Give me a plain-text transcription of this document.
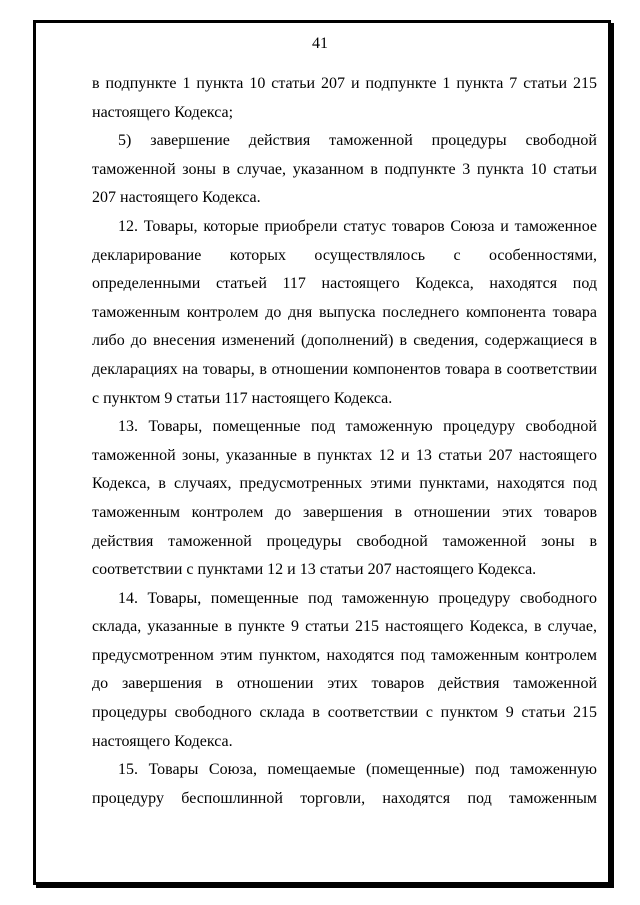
41

в подпункте 1 пункта 10 статьи 207 и подпункте 1 пункта 7 статьи 215 настоящего Кодекса;

5) завершение действия таможенной процедуры свободной таможенной зоны в случае, указанном в подпункте 3 пункта 10 статьи 207 настоящего Кодекса.

12. Товары, которые приобрели статус товаров Союза и таможенное декларирование которых осуществлялось с особенностями, определенными статьей 117 настоящего Кодекса, находятся под таможенным контролем до дня выпуска последнего компонента товара либо до внесения изменений (дополнений) в сведения, содержащиеся в декларациях на товары, в отношении компонентов товара в соответствии с пунктом 9 статьи 117 настоящего Кодекса.

13. Товары, помещенные под таможенную процедуру свободной таможенной зоны, указанные в пунктах 12 и 13 статьи 207 настоящего Кодекса, в случаях, предусмотренных этими пунктами, находятся под таможенным контролем до завершения в отношении этих товаров действия таможенной процедуры свободной таможенной зоны в соответствии с пунктами 12 и 13 статьи 207 настоящего Кодекса.

14. Товары, помещенные под таможенную процедуру свободного склада, указанные в пункте 9 статьи 215 настоящего Кодекса, в случае, предусмотренном этим пунктом, находятся под таможенным контролем до завершения в отношении этих товаров действия таможенной процедуры свободного склада в соответствии с пунктом 9 статьи 215 настоящего Кодекса.

15. Товары Союза, помещаемые (помещенные) под таможенную процедуру беспошлинной торговли, находятся под таможенным
